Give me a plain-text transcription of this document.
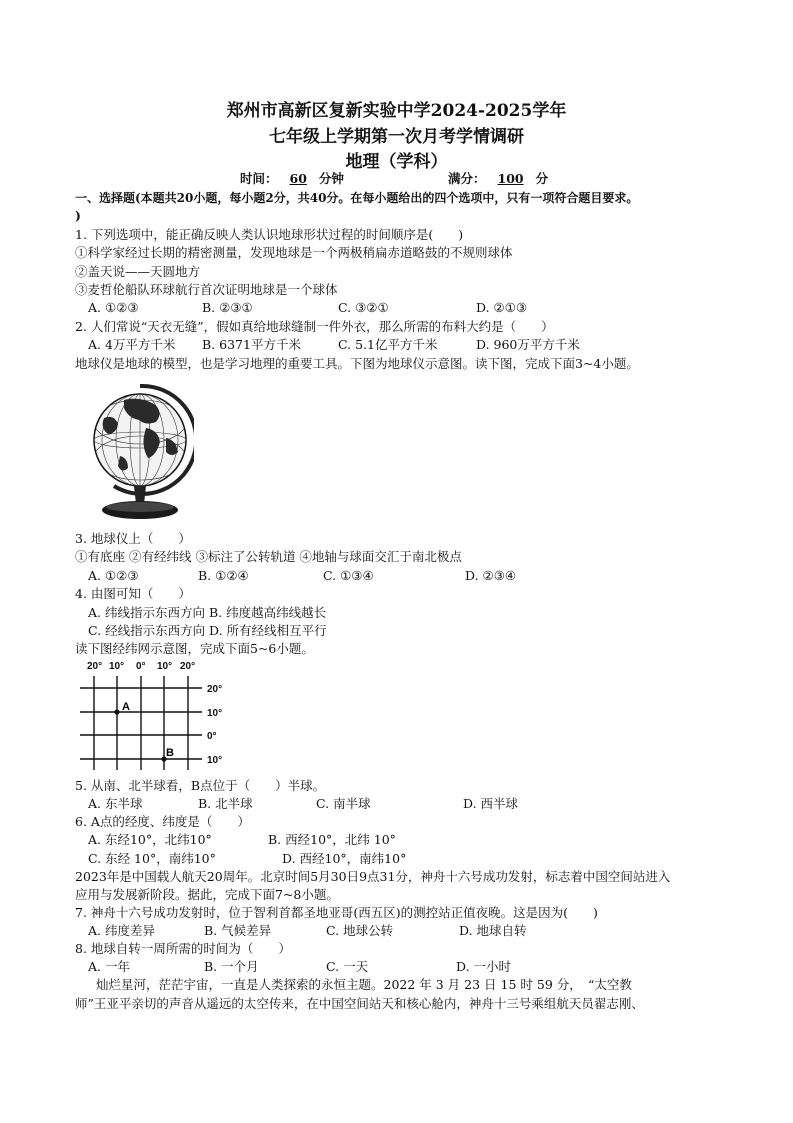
郑州市高新区复新实验中学2024-2025学年
七年级上学期第一次月考学情调研
地理（学科）
时间： 60 分钟	满分： 100 分
一、选择题(本题共20小题，每小题2分，共40分。在每小题给出的四个选项中，只有一项符合题目要求。
)
1. 下列选项中，能正确反映人类认识地球形状过程的时间顺序是(　　)
①科学家经过长期的精密测量，发现地球是一个两极稍扁赤道略鼓的不规则球体
②盖天说——天圆地方
③麦哲伦船队环球航行首次证明地球是一个球体
A. ①②③	B. ②③①	C. ③②①	D. ②①③
2. 人们常说“天衣无缝”，假如真给地球缝制一件外衣，那么所需的布料大约是（　　）
A. 4万平方千米 B. 6371平方千米	C. 5.1亿平方千米	D. 960万平方千米
地球仪是地球的模型，也是学习地理的重要工具。下图为地球仪示意图。读下图，完成下面3~4小题。
3. 地球仪上（　　）
①有底座 ②有经纬线 ③标注了公转轨道 ④地轴与球面交汇于南北极点
A. ①②③	B. ①②④	C. ①③④	D. ②③④
4. 由图可知（　　）
A. 纬线指示东西方向 B. 纬度越高纬线越长
C. 经线指示东西方向 D. 所有经线相互平行
读下图经纬网示意图，完成下面5~6小题。
20° 10° 0° 10° 20°
20°
10°
0°
10°
A
B
5. 从南、北半球看，B点位于（　　）半球。
A. 东半球	B. 北半球	C. 南半球	D. 西半球
6. A点的经度、纬度是（　　）
A. 东经10°，北纬10°	B. 西经10°，北纬 10°
C. 东经 10°，南纬10°	D. 西经10°，南纬10°
2023年是中国载人航天20周年。北京时间5月30日9点31分，神舟十六号成功发射，标志着中国空间站进入
应用与发展新阶段。据此，完成下面7~8小题。
7. 神舟十六号成功发射时，位于智利首都圣地亚哥(西五区)的测控站正值夜晚。这是因为(　　)
A. 纬度差异	B. 气候差异	C. 地球公转	D. 地球自转
8. 地球自转一周所需的时间为（　　）
A. 一年	B. 一个月	C. 一天	D. 一小时
灿烂星河，茫茫宇宙，一直是人类探索的永恒主题。2022 年 3 月 23 日 15 时 59 分，　“太空教
师”王亚平亲切的声音从遥远的太空传来，在中国空间站天和核心舱内，神舟十三号乘组航天员翟志刚、
